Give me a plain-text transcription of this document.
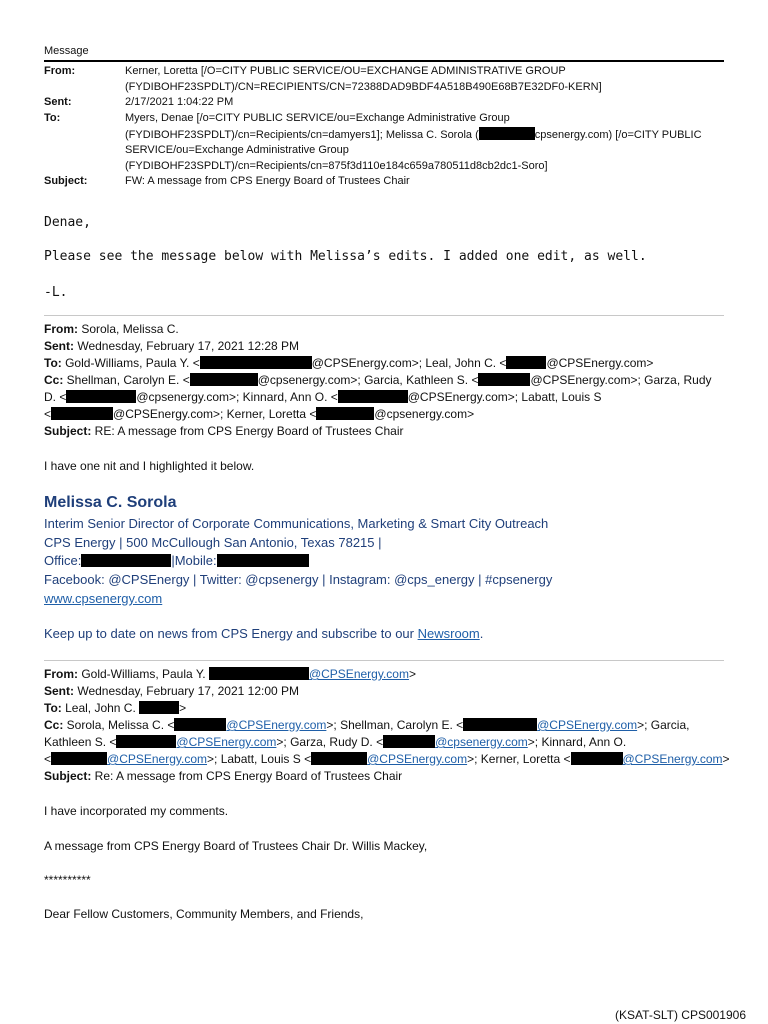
Message
From:	Kerner, Loretta [/O=CITY PUBLIC SERVICE/OU=EXCHANGE ADMINISTRATIVE GROUP
(FYDIBOHF23SPDLT)/CN=RECIPIENTS/CN=72388DAD9BDF4A518B490E68B7E32DF0-KERN]
Sent:	2/17/2021 1:04:22 PM
To:	Myers, Denae [/o=CITY PUBLIC SERVICE/ou=Exchange Administrative Group
(FYDIBOHF23SPDLT)/cn=Recipients/cn=damyers1]; Melissa C. Sorola (	cpsenergy.com) [/o=CITY PUBLIC
SERVICE/ou=Exchange Administrative Group
(FYDIBOHF23SPDLT)/cn=Recipients/cn=875f3d110e184c659a780511d8cb2dc1-Soro]
Subject:	FW: A message from CPS Energy Board of Trustees Chair
Denae,
Please see the message below with Melissa’s edits. I added one edit, as well.
-L.
From: Sorola, Melissa C.
Sent: Wednesday, February 17, 2021 12:28 PM
To: Gold-Williams, Paula Y. <	@CPSEnergy.com>; Leal, John C. <	@CPSEnergy.com>
Cc: Shellman, Carolyn E. <	@cpsenergy.com>; Garcia, Kathleen S. <	@CPSEnergy.com>; Garza, Rudy
D. <	@cpsenergy.com>; Kinnard, Ann O. <	@CPSEnergy.com>; Labatt, Louis S
<	@CPSEnergy.com>; Kerner, Loretta <	@cpsenergy.com>
Subject: RE: A message from CPS Energy Board of Trustees Chair
I have one nit and I highlighted it below.
Melissa C. Sorola
Interim Senior Director of Corporate Communications, Marketing & Smart City Outreach
CPS Energy | 500 McCullough San Antonio, Texas 78215 |
Office:	|Mobile:
Facebook: @CPSEnergy | Twitter: @cpsenergy | Instagram: @cps_energy | #cpsenergy
www.cpsenergy.com
Keep up to date on news from CPS Energy and subscribe to our Newsroom.
From: Gold-Williams, Paula Y.	@CPSEnergy.com>
Sent: Wednesday, February 17, 2021 12:00 PM
To: Leal, John C.	>
Cc: Sorola, Melissa C. <	@CPSEnergy.com>; Shellman, Carolyn E. <	@CPSEnergy.com>; Garcia,
Kathleen S. <	@CPSEnergy.com>; Garza, Rudy D. <	@cpsenergy.com>; Kinnard, Ann O.
<	@CPSEnergy.com>; Labatt, Louis S <	@CPSEnergy.com>; Kerner, Loretta <	@CPSEnergy.com>
Subject: Re: A message from CPS Energy Board of Trustees Chair
I have incorporated my comments.
A message from CPS Energy Board of Trustees Chair Dr. Willis Mackey,
**********
Dear Fellow Customers, Community Members, and Friends,
(KSAT-SLT) CPS001906
